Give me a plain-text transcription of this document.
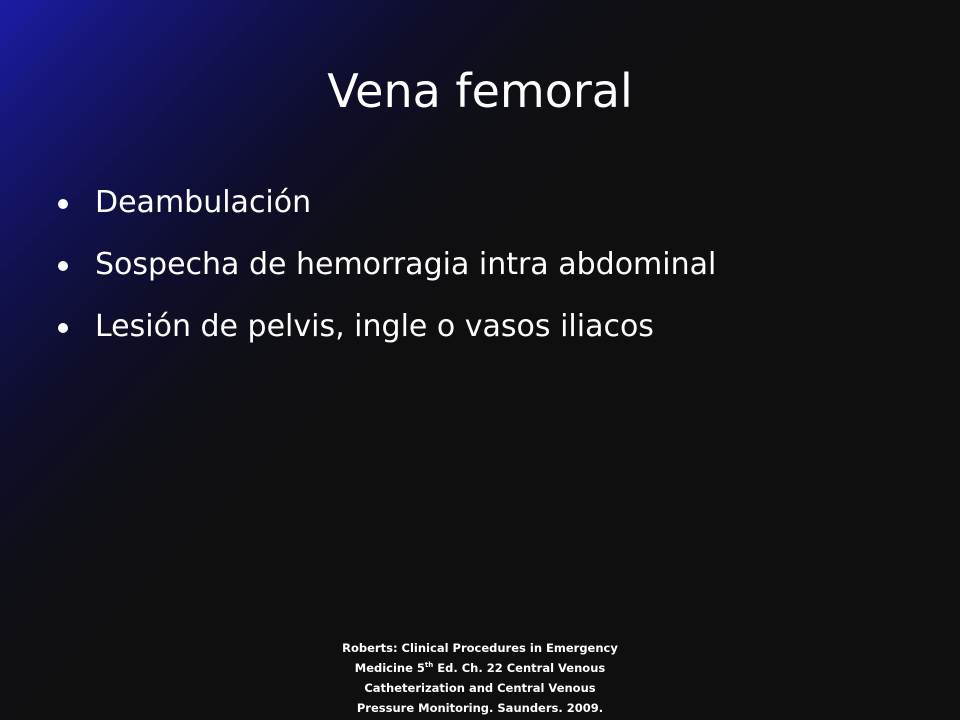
Vena femoral
Deambulación
Sospecha de hemorragia intra abdominal
Lesión de pelvis, ingle o vasos iliacos

Roberts: Clinical Procedures in Emergency
Medicine 5th Ed. Ch. 22 Central Venous
Catheterization and Central Venous
Pressure Monitoring. Saunders. 2009.
